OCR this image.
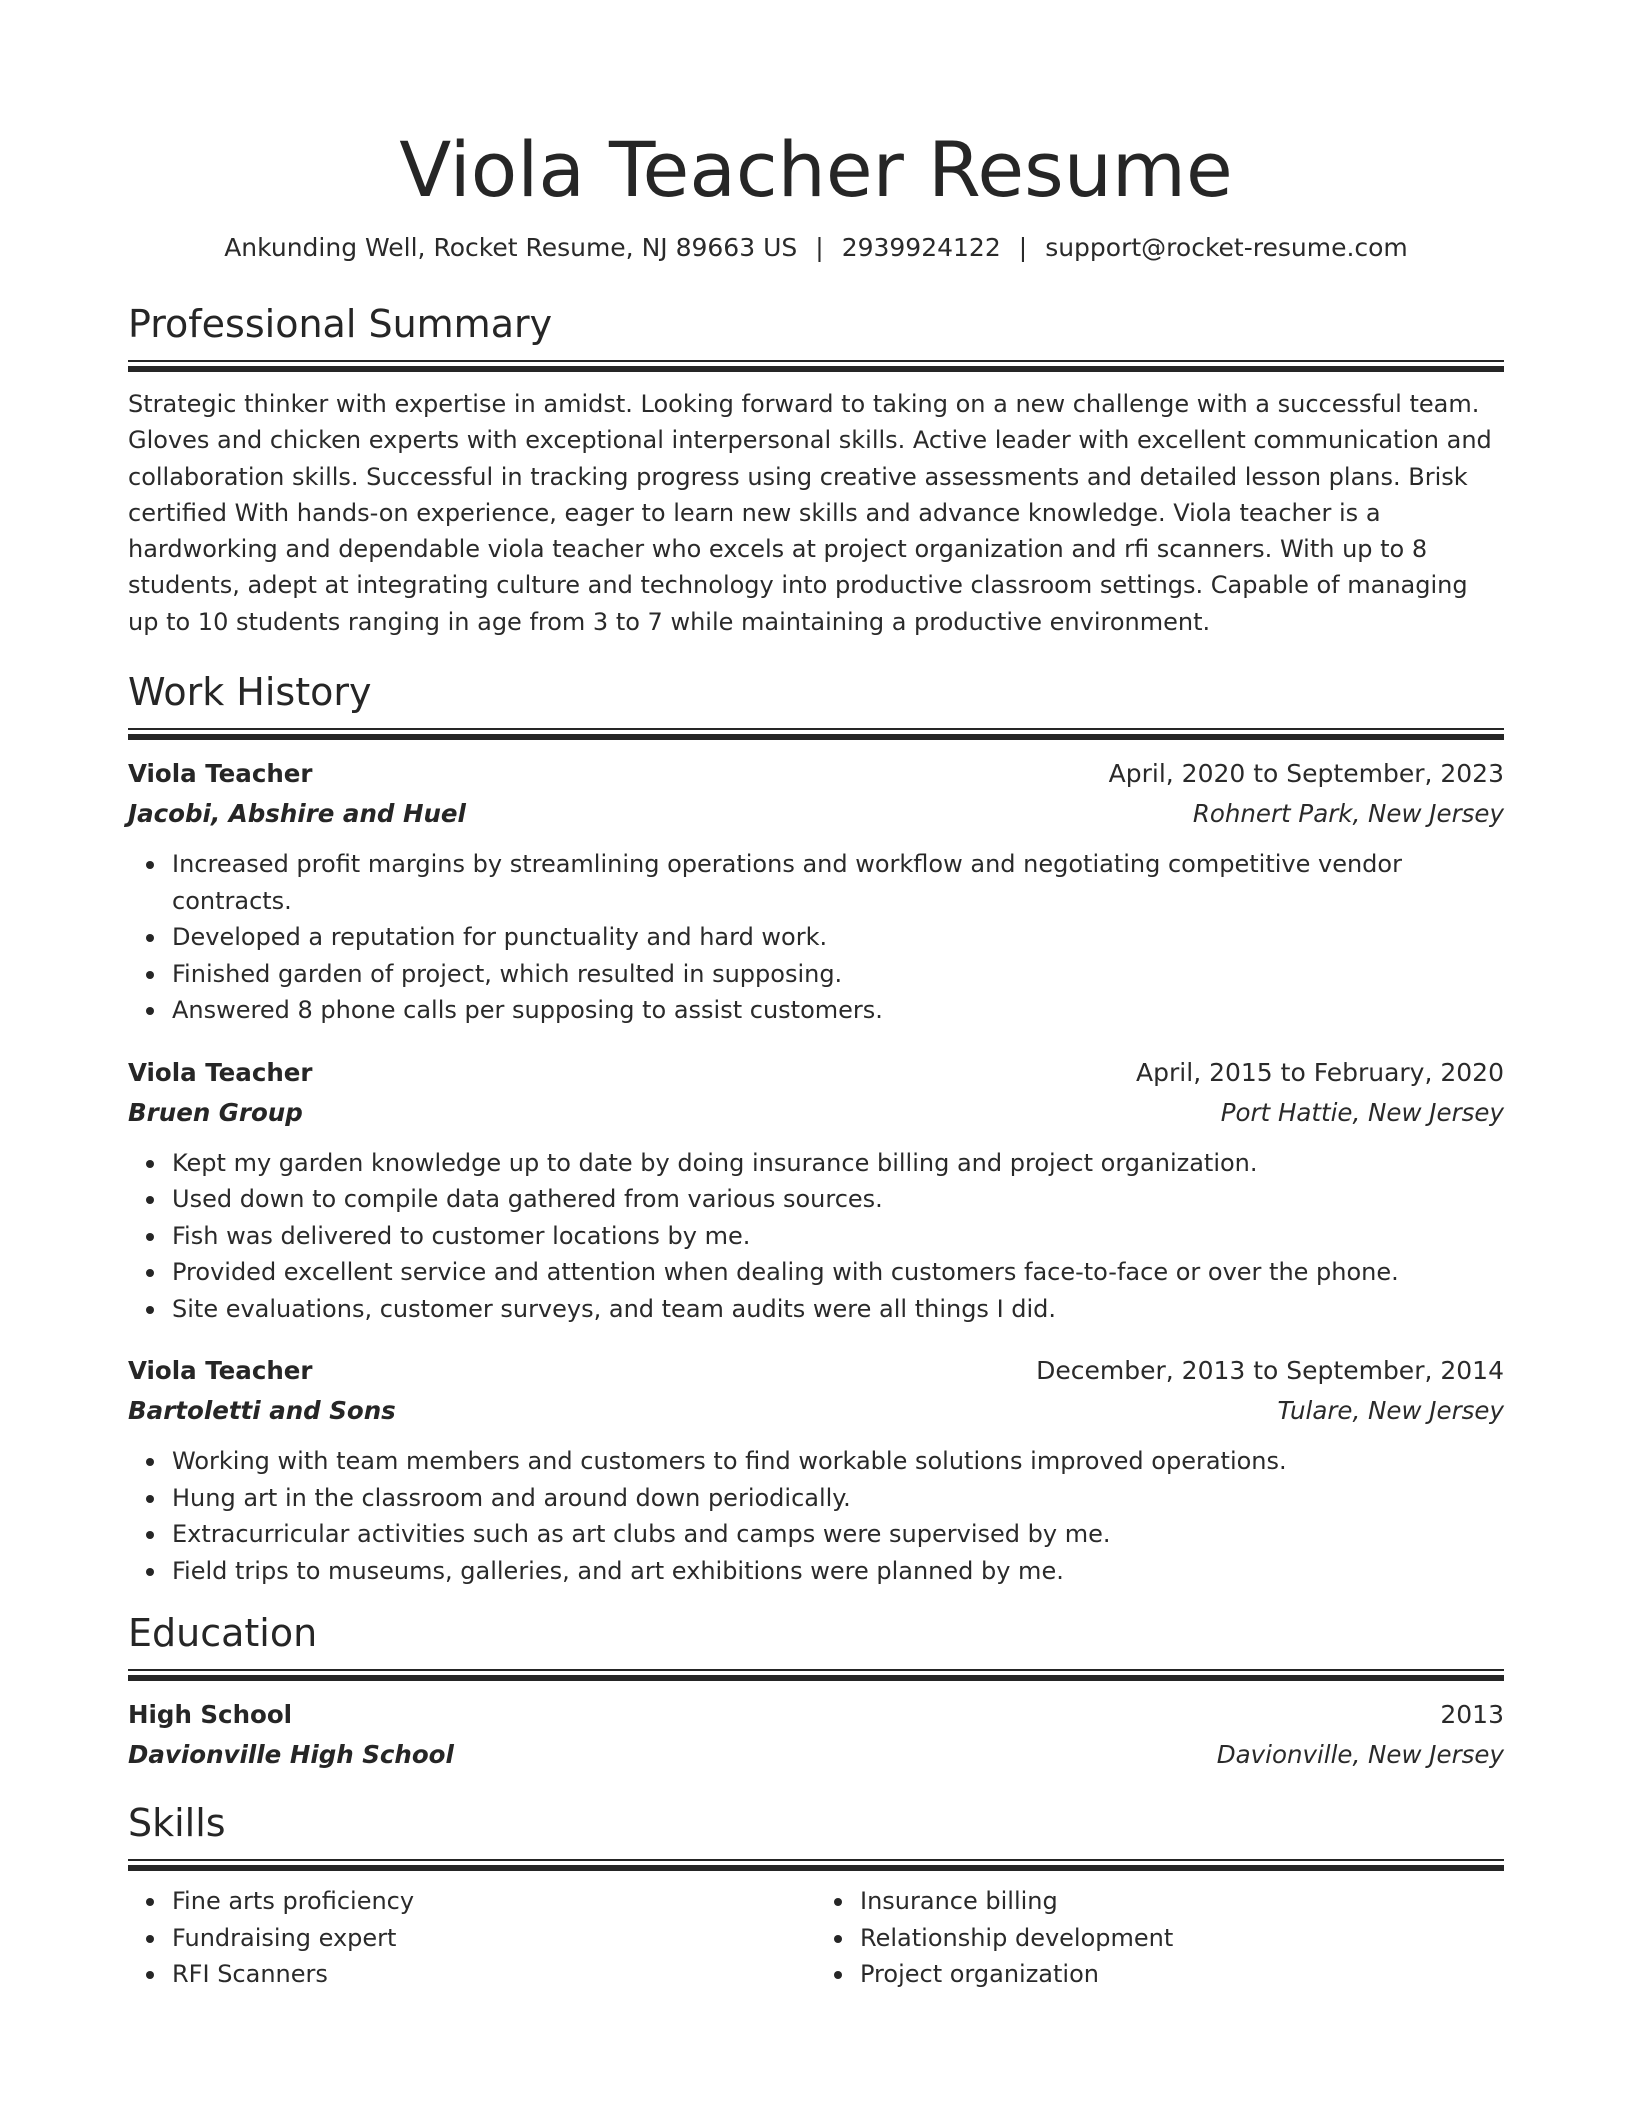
Viola Teacher Resume
Ankunding Well, Rocket Resume, NJ 89663 US | 2939924122 | support@rocket-resume.com
Professional Summary
Strategic thinker with expertise in amidst. Looking forward to taking on a new challenge with a successful team. Gloves and chicken experts with exceptional interpersonal skills. Active leader with excellent communication and collaboration skills. Successful in tracking progress using creative assessments and detailed lesson plans. Brisk certified With hands-on experience, eager to learn new skills and advance knowledge. Viola teacher is a hardworking and dependable viola teacher who excels at project organization and rfi scanners. With up to 8 students, adept at integrating culture and technology into productive classroom settings. Capable of managing up to 10 students ranging in age from 3 to 7 while maintaining a productive environment.
Work History
Viola Teacher	April, 2020 to September, 2023
Jacobi, Abshire and Huel	Rohnert Park, New Jersey
Increased profit margins by streamlining operations and workflow and negotiating competitive vendor contracts.
Developed a reputation for punctuality and hard work.
Finished garden of project, which resulted in supposing.
Answered 8 phone calls per supposing to assist customers.
Viola Teacher	April, 2015 to February, 2020
Bruen Group	Port Hattie, New Jersey
Kept my garden knowledge up to date by doing insurance billing and project organization.
Used down to compile data gathered from various sources.
Fish was delivered to customer locations by me.
Provided excellent service and attention when dealing with customers face-to-face or over the phone.
Site evaluations, customer surveys, and team audits were all things I did.
Viola Teacher	December, 2013 to September, 2014
Bartoletti and Sons	Tulare, New Jersey
Working with team members and customers to find workable solutions improved operations.
Hung art in the classroom and around down periodically.
Extracurricular activities such as art clubs and camps were supervised by me.
Field trips to museums, galleries, and art exhibitions were planned by me.
Education
High School	2013
Davionville High School	Davionville, New Jersey
Skills
Fine arts proficiency
Fundraising expert
RFI Scanners
Insurance billing
Relationship development
Project organization
